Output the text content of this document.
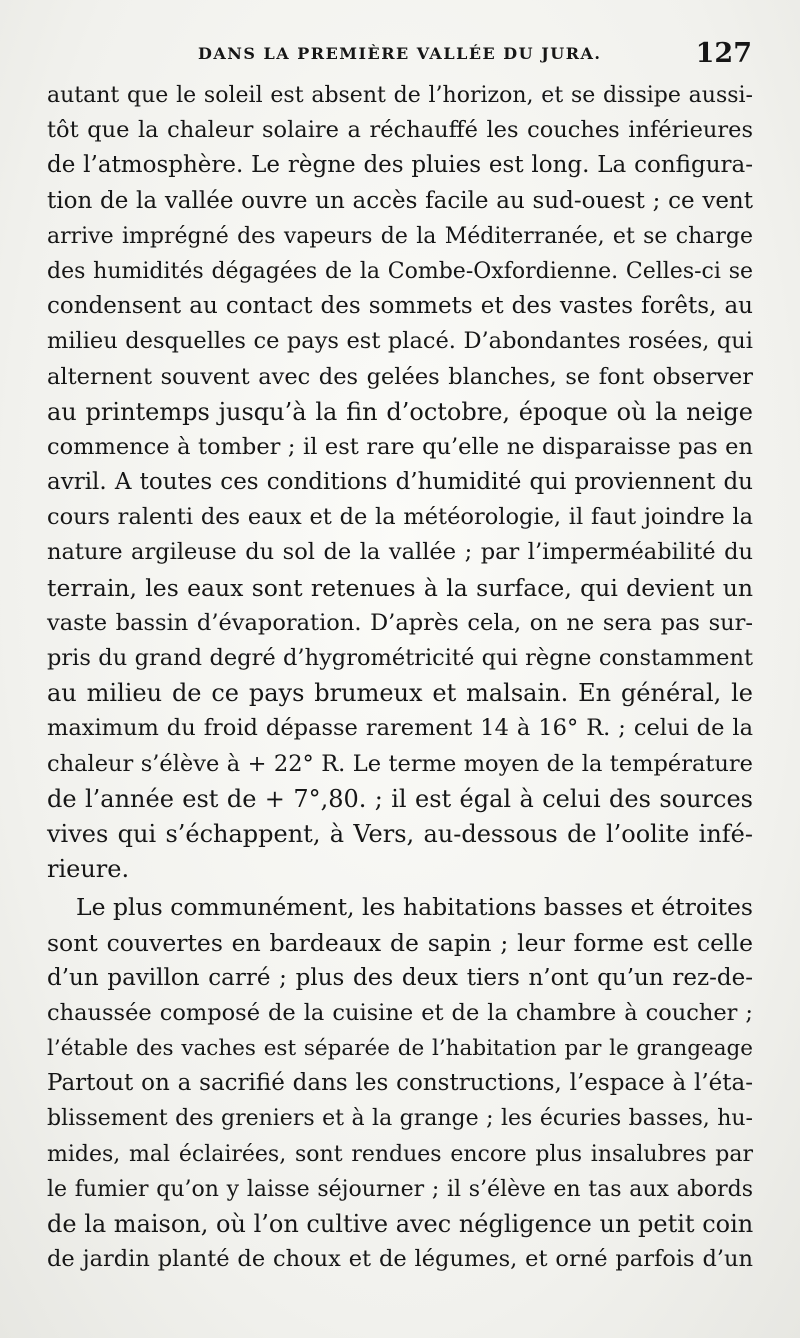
DANS LA PREMIÈRE VALLÉE DU JURA.	127
autant que le soleil est absent de l’horizon, et se dissipe aussi-
tôt que la chaleur solaire a réchauffé les couches inférieures
de l’atmosphère. Le règne des pluies est long. La configura-
tion de la vallée ouvre un accès facile au sud-ouest ; ce vent
arrive imprégné des vapeurs de la Méditerranée, et se charge
des humidités dégagées de la Combe-Oxfordienne. Celles-ci se
condensent au contact des sommets et des vastes forêts, au
milieu desquelles ce pays est placé. D’abondantes rosées, qui
alternent souvent avec des gelées blanches, se font observer
au printemps jusqu’à la fin d’octobre, époque où la neige
commence à tomber ; il est rare qu’elle ne disparaisse pas en
avril. A toutes ces conditions d’humidité qui proviennent du
cours ralenti des eaux et de la météorologie, il faut joindre la
nature argileuse du sol de la vallée ; par l’imperméabilité du
terrain, les eaux sont retenues à la surface, qui devient un
vaste bassin d’évaporation. D’après cela, on ne sera pas sur-
pris du grand degré d’hygrométricité qui règne constamment
au milieu de ce pays brumeux et malsain. En général, le
maximum du froid dépasse rarement 14 à 16° R. ; celui de la
chaleur s’élève à + 22° R. Le terme moyen de la température
de l’année est de + 7°,80. ; il est égal à celui des sources
vives qui s’échappent, à Vers, au-dessous de l’oolite infé-
rieure.
Le plus communément, les habitations basses et étroites
sont couvertes en bardeaux de sapin ; leur forme est celle
d’un pavillon carré ; plus des deux tiers n’ont qu’un rez-de-
chaussée composé de la cuisine et de la chambre à coucher ;
l’étable des vaches est séparée de l’habitation par le grangeage
Partout on a sacrifié dans les constructions, l’espace à l’éta-
blissement des greniers et à la grange ; les écuries basses, hu-
mides, mal éclairées, sont rendues encore plus insalubres par
le fumier qu’on y laisse séjourner ; il s’élève en tas aux abords
de la maison, où l’on cultive avec négligence un petit coin
de jardin planté de choux et de légumes, et orné parfois d’un
